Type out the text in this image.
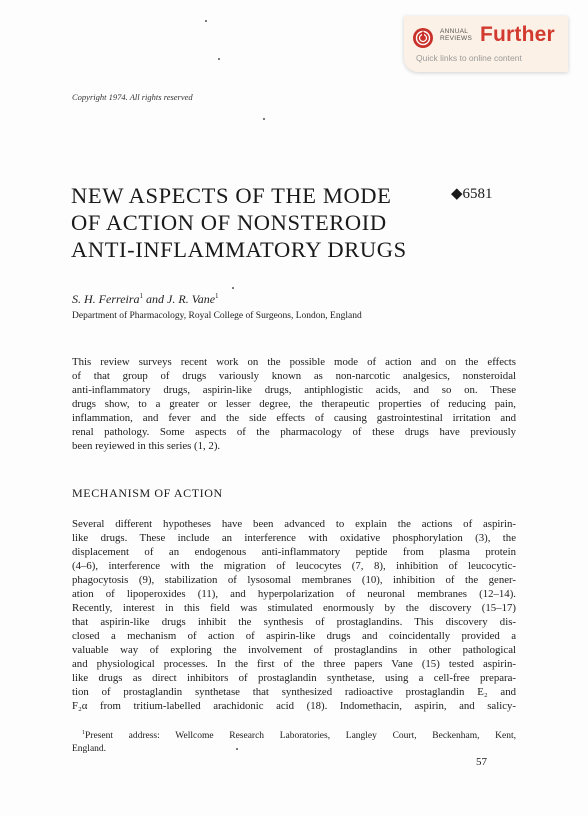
ANNUAL
REVIEWS Further
Quick links to online content
Copyright 1974. All rights reserved
NEW ASPECTS OF THE MODE
OF ACTION OF NONSTEROID
ANTI-INFLAMMATORY DRUGS
◆6581
S. H. Ferreira$^1$ and J. R. Vane$^1$
Department of Pharmacology, Royal College of Surgeons, London, England
This review surveys recent work on the possible mode of action and on the effects
of that group of drugs variously known as non-narcotic analgesics, nonsteroidal
anti-inflammatory drugs, aspirin-like drugs, antiphlogistic acids, and so on. These
drugs show, to a greater or lesser degree, the therapeutic properties of reducing pain,
inflammation, and fever and the side effects of causing gastrointestinal irritation and
renal pathology. Some aspects of the pharmacology of these drugs have previously
been reyiewed in this series (1, 2).
MECHANISM OF ACTION
Several different hypotheses have been advanced to explain the actions of aspirin-
like drugs. These include an interference with oxidative phosphorylation (3), the
displacement of an endogenous anti-inflammatory peptide from plasma protein
(4–6), interference with the migration of leucocytes (7, 8), inhibition of leucocytic-
phagocytosis (9), stabilization of lysosomal membranes (10), inhibition of the gener-
ation of lipoperoxides (11), and hyperpolarization of neuronal membranes (12–14).
Recently, interest in this field was stimulated enormously by the discovery (15–17)
that aspirin-like drugs inhibit the synthesis of prostaglandins. This discovery dis-
closed a mechanism of action of aspirin-like drugs and coincidentally provided a
valuable way of exploring the involvement of prostaglandins in other pathological
and physiological processes. In the first of the three papers Vane (15) tested aspirin-
like drugs as direct inhibitors of prostaglandin synthetase, using a cell-free prepara-
tion of prostaglandin synthetase that synthesized radioactive prostaglandin E₂ and
F₂α from tritium-labelled arachidonic acid (18). Indomethacin, aspirin, and salicy-
$^1$Present address: Wellcome Research Laboratories, Langley Court, Beckenham, Kent,
England.
57
